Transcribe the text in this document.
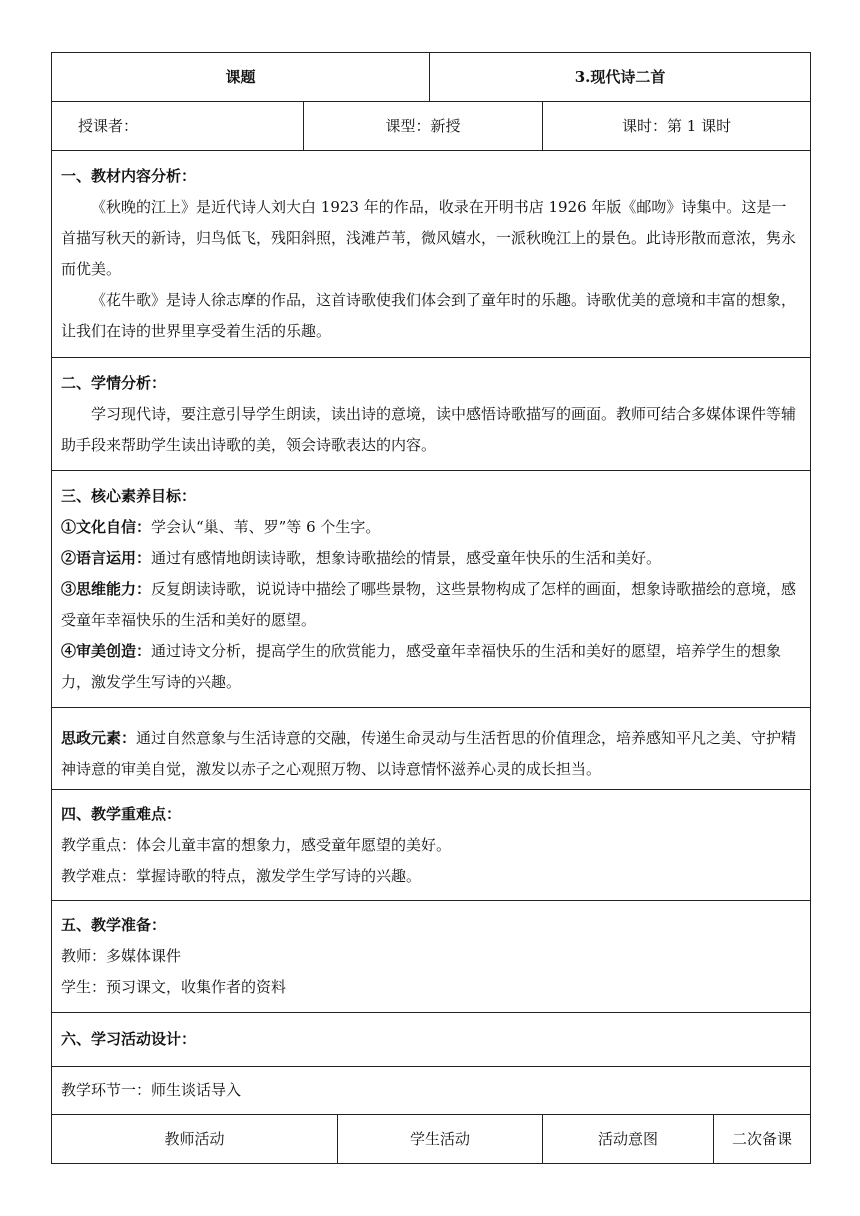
课题			3.现代诗二首		
授课者：	课型：新授			课时：第 1 课时	

一、教材内容分析：

《秋晚的江上》是近代诗人刘大白 1923 年的作品，收录在开明书店 1926 年版《邮吻》诗集中。这是一首描写秋天的新诗，归鸟低飞，残阳斜照，浅滩芦苇，微风嬉水，一派秋晚江上的景色。此诗形散而意浓，隽永而优美。

《花牛歌》是诗人徐志摩的作品，这首诗歌使我们体会到了童年时的乐趣。诗歌优美的意境和丰富的想象，让我们在诗的世界里享受着生活的乐趣。					

二、学情分析：

学习现代诗，要注意引导学生朗读，读出诗的意境，读中感悟诗歌描写的画面。教师可结合多媒体课件等辅助手段来帮助学生读出诗歌的美，领会诗歌表达的内容。					

三、核心素养目标：

①文化自信：学会认“巢、苇、罗”等 6 个生字。

②语言运用：通过有感情地朗读诗歌，想象诗歌描绘的情景，感受童年快乐的生活和美好。

③思维能力：反复朗读诗歌，说说诗中描绘了哪些景物，这些景物构成了怎样的画面，想象诗歌描绘的意境，感受童年幸福快乐的生活和美好的愿望。

④审美创造：通过诗文分析，提高学生的欣赏能力，感受童年幸福快乐的生活和美好的愿望，培养学生的想象力，激发学生写诗的兴趣。					

思政元素：通过自然意象与生活诗意的交融，传递生命灵动与生活哲思的价值理念，培养感知平凡之美、守护精神诗意的审美自觉，激发以赤子之心观照万物、以诗意情怀滋养心灵的成长担当。					

四、教学重难点：

教学重点：体会儿童丰富的想象力，感受童年愿望的美好。

教学难点：掌握诗歌的特点，激发学生学写诗的兴趣。					

五、教学准备：

教师：多媒体课件

学生：预习课文，收集作者的资料					

六、学习活动设计：					

教学环节一：师生谈话导入					
教师活动		学生活动		活动意图	二次备课
